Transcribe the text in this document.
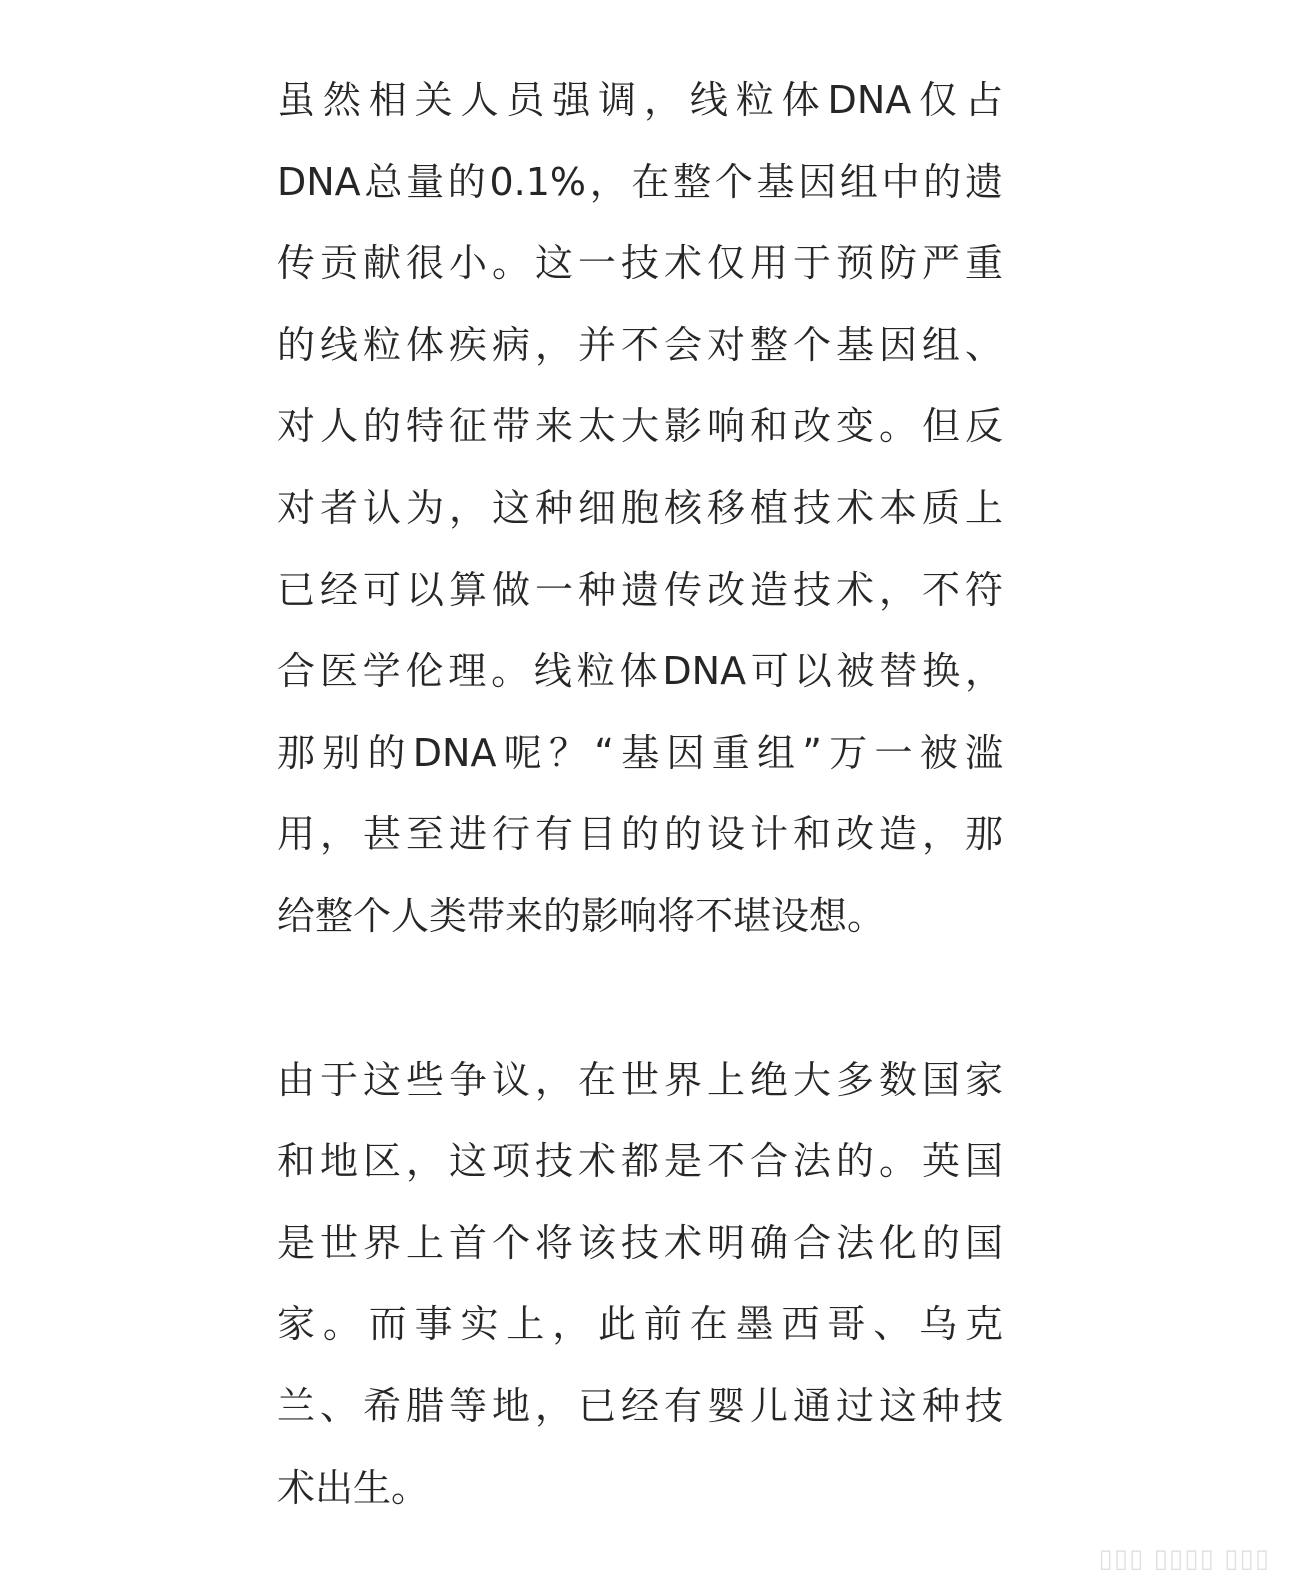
虽然相关人员强调，线粒体DNA仅占
DNA总量的0.1%，在整个基因组中的遗
传贡献很小。这一技术仅用于预防严重
的线粒体疾病，并不会对整个基因组、
对人的特征带来太大影响和改变。但反
对者认为，这种细胞核移植技术本质上
已经可以算做一种遗传改造技术，不符
合医学伦理。线粒体DNA可以被替换，
那别的DNA呢？“基因重组”万一被滥
用，甚至进行有目的的设计和改造，那
给整个人类带来的影响将不堪设想。
由于这些争议，在世界上绝大多数国家
和地区，这项技术都是不合法的。英国
是世界上首个将该技术明确合法化的国
家。而事实上，此前在墨西哥、乌克
兰、希腊等地，已经有婴儿通过这种技
术出生。
▯▯▯ ▯▯▯▯ ▯▯▯
